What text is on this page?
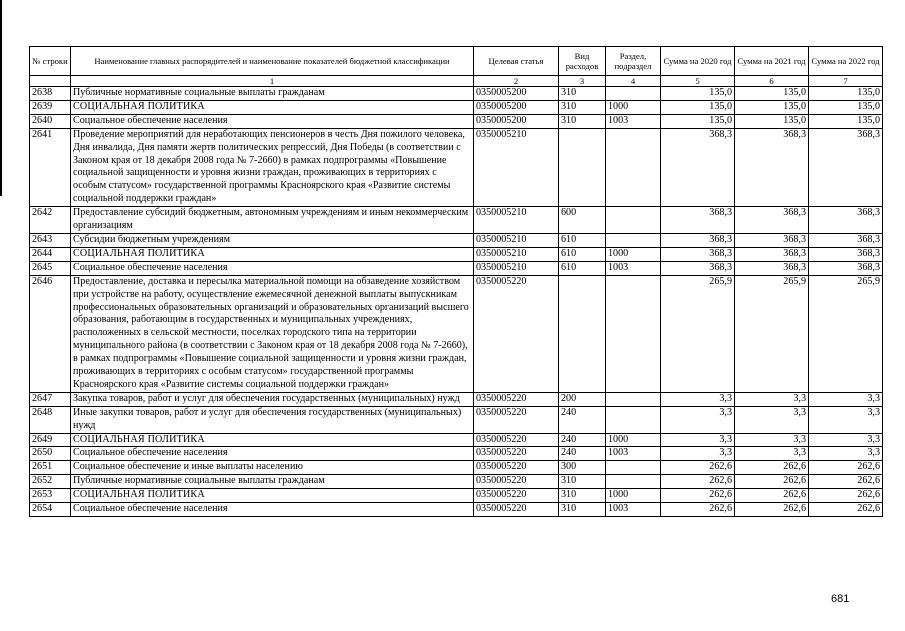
№ строки	Наименование главных распорядителей и наименование показателей бюджетной классификации	Целевая статья	Вид расходов	Раздел, подраздел	Сумма на 2020 год	Сумма на 2021 год	Сумма на 2022 год
	1	2	3	4	5	6	7
2638	Публичные нормативные социальные выплаты гражданам	0350005200	310		135,0	135,0	135,0
2639	СОЦИАЛЬНАЯ ПОЛИТИКА	0350005200	310	1000	135,0	135,0	135,0
2640	Социальное обеспечение населения	0350005200	310	1003	135,0	135,0	135,0
2641	Проведение мероприятий для неработающих пенсионеров в честь Дня пожилого человека, Дня инвалида, Дня памяти жертв политических репрессий, Дня Победы (в соответствии с Законом края от 18 декабря 2008 года № 7-2660) в рамках подпрограммы «Повышение социальной защищенности и уровня жизни граждан, проживающих в территориях с особым статусом» государственной программы Красноярского края «Развитие системы социальной поддержки граждан»	0350005210			368,3	368,3	368,3
2642	Предоставление субсидий бюджетным, автономным учреждениям и иным некоммерческим организациям	0350005210	600		368,3	368,3	368,3
2643	Субсидии бюджетным учреждениям	0350005210	610		368,3	368,3	368,3
2644	СОЦИАЛЬНАЯ ПОЛИТИКА	0350005210	610	1000	368,3	368,3	368,3
2645	Социальное обеспечение населения	0350005210	610	1003	368,3	368,3	368,3
2646	Предоставление, доставка и пересылка материальной помощи на обзаведение хозяйством при устройстве на работу, осуществление ежемесячной денежной выплаты выпускникам профессиональных образовательных организаций и образовательных организаций высшего образования, работающим в государственных и муниципальных учреждениях, расположенных в сельской местности, поселках городского типа на территории муниципального района (в соответствии с Законом края от 18 декабря 2008 года № 7-2660), в рамках подпрограммы «Повышение социальной защищенности и уровня жизни граждан, проживающих в территориях с особым статусом» государственной программы Красноярского края «Развитие системы социальной поддержки граждан»	0350005220			265,9	265,9	265,9
2647	Закупка товаров, работ и услуг для обеспечения государственных (муниципальных) нужд	0350005220	200		3,3	3,3	3,3
2648	Иные закупки товаров, работ и услуг для обеспечения государственных (муниципальных) нужд	0350005220	240		3,3	3,3	3,3
2649	СОЦИАЛЬНАЯ ПОЛИТИКА	0350005220	240	1000	3,3	3,3	3,3
2650	Социальное обеспечение населения	0350005220	240	1003	3,3	3,3	3,3
2651	Социальное обеспечение и иные выплаты населению	0350005220	300		262,6	262,6	262,6
2652	Публичные нормативные социальные выплаты гражданам	0350005220	310		262,6	262,6	262,6
2653	СОЦИАЛЬНАЯ ПОЛИТИКА	0350005220	310	1000	262,6	262,6	262,6
2654	Социальное обеспечение населения	0350005220	310	1003	262,6	262,6	262,6
681
